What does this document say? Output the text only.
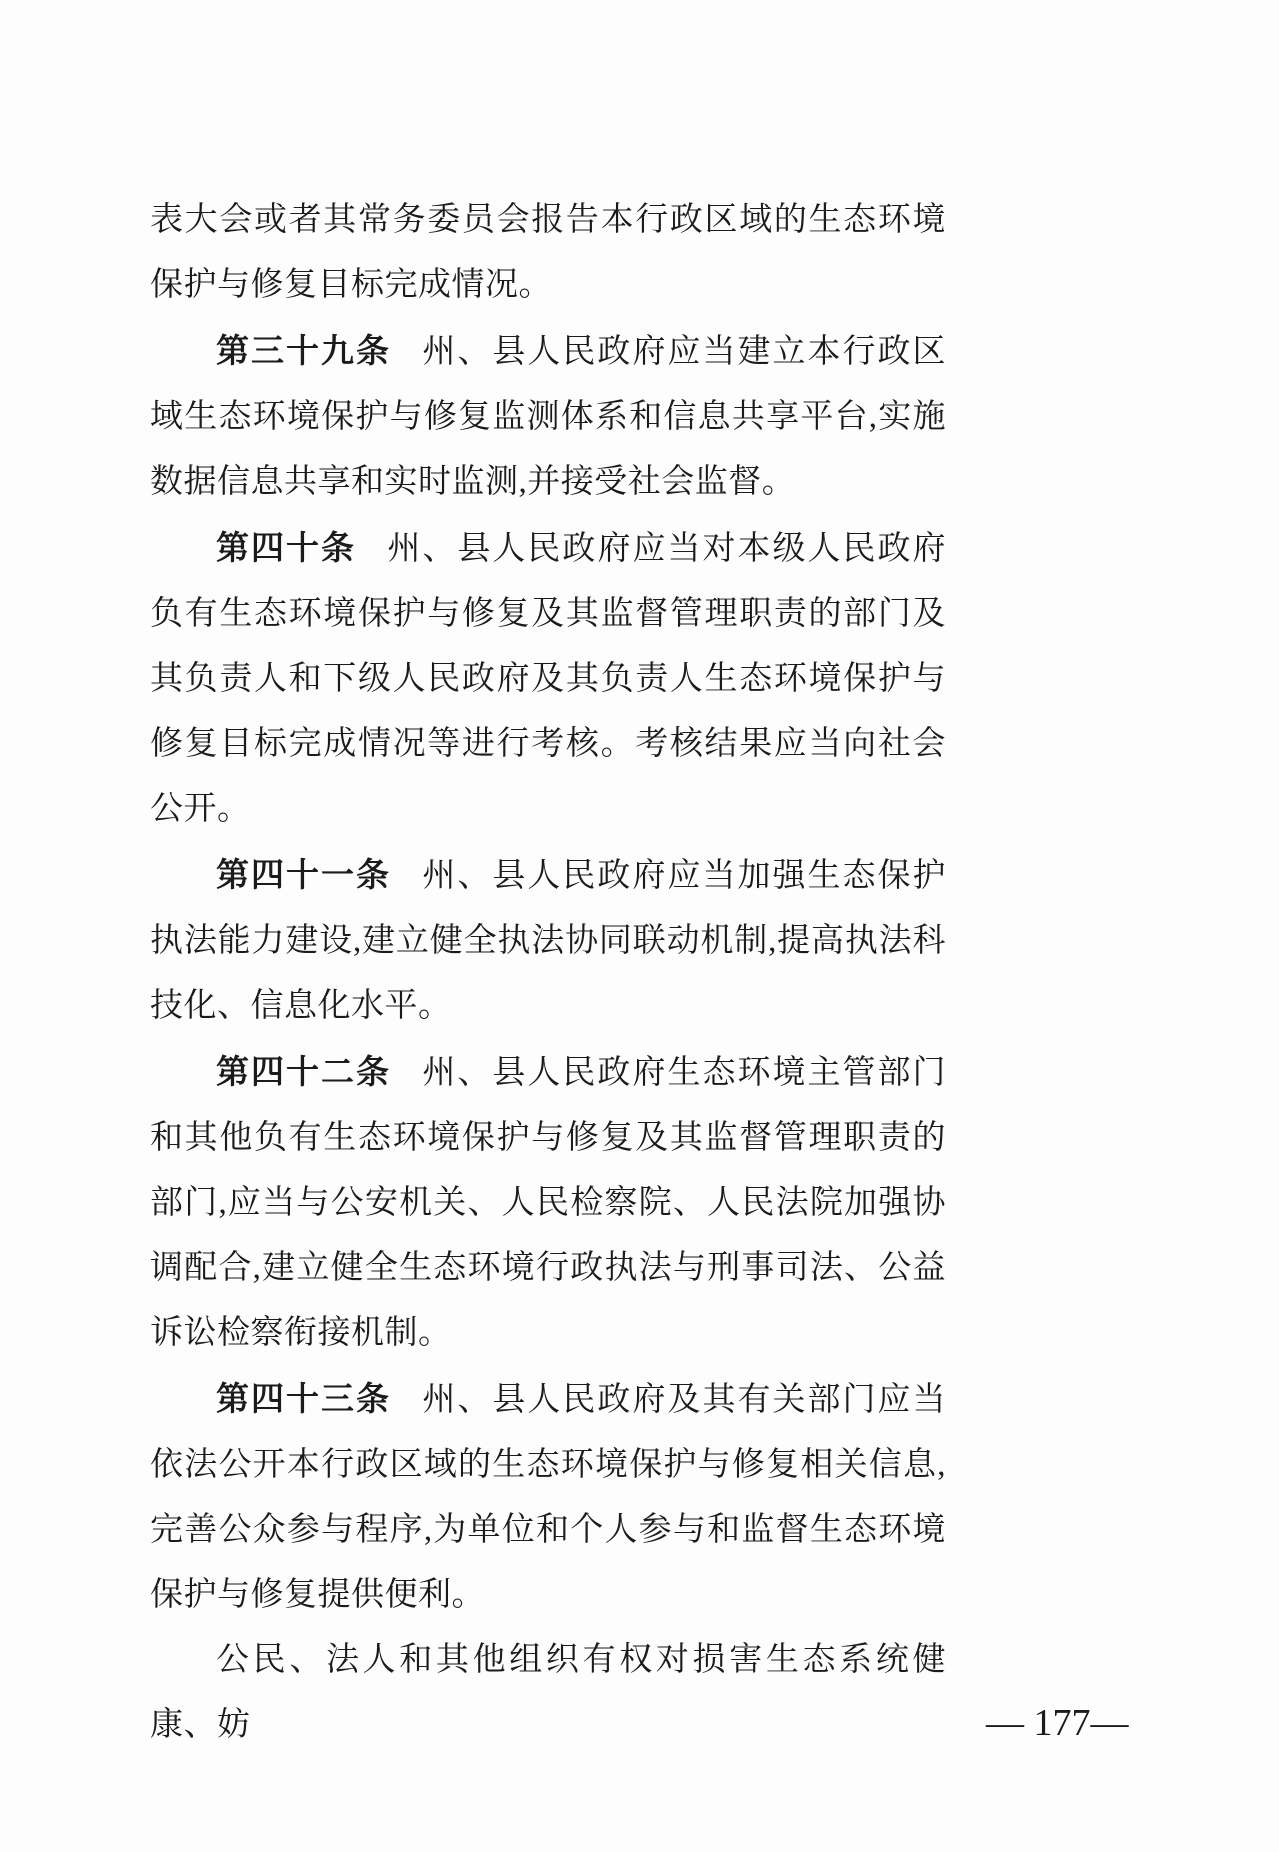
表大会或者其常务委员会报告本行政区域的生态环境保护与修复目标完成情况。

第三十九条 州、县人民政府应当建立本行政区域生态环境保护与修复监测体系和信息共享平台,实施数据信息共享和实时监测,并接受社会监督。

第四十条 州、县人民政府应当对本级人民政府负有生态环境保护与修复及其监督管理职责的部门及其负责人和下级人民政府及其负责人生态环境保护与修复目标完成情况等进行考核。考核结果应当向社会公开。

第四十一条 州、县人民政府应当加强生态保护执法能力建设,建立健全执法协同联动机制,提高执法科技化、信息化水平。

第四十二条 州、县人民政府生态环境主管部门和其他负有生态环境保护与修复及其监督管理职责的部门,应当与公安机关、人民检察院、人民法院加强协调配合,建立健全生态环境行政执法与刑事司法、公益诉讼检察衔接机制。

第四十三条 州、县人民政府及其有关部门应当依法公开本行政区域的生态环境保护与修复相关信息,完善公众参与程序,为单位和个人参与和监督生态环境保护与修复提供便利。

公民、法人和其他组织有权对损害生态系统健康、妨	— 177—
